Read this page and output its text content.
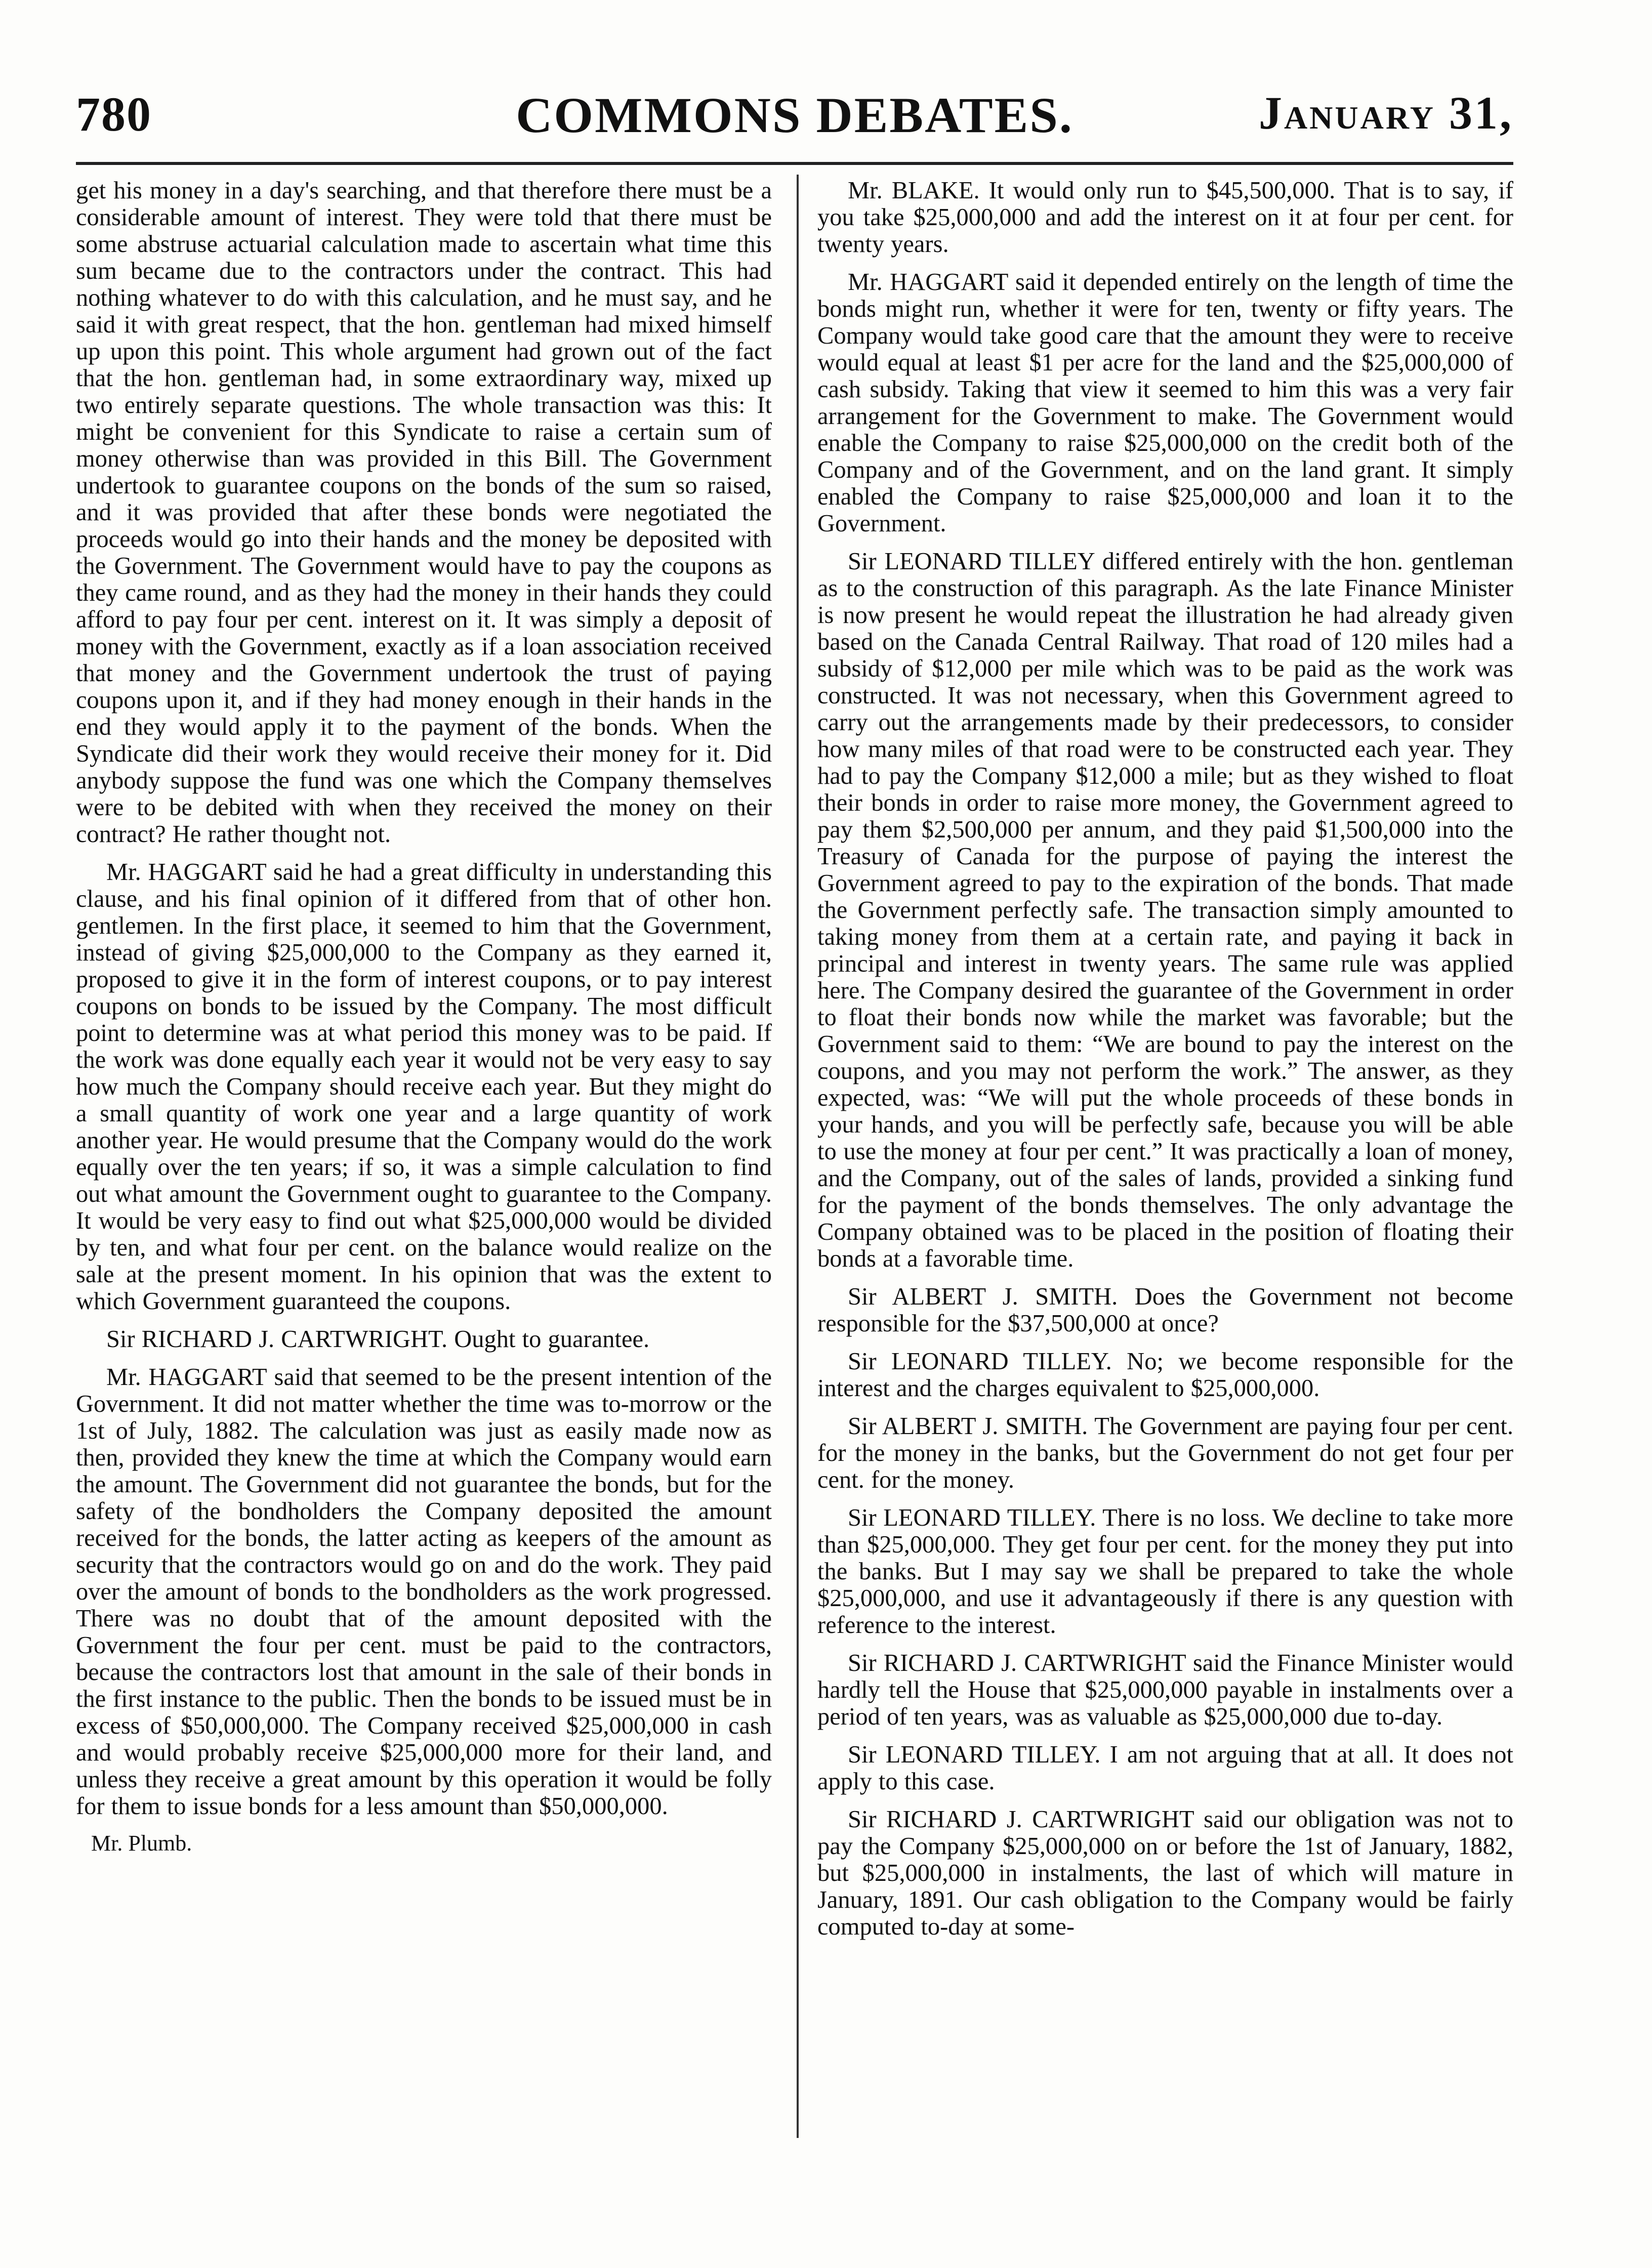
780	COMMONS DEBATES.	January 31,

get his money in a day's searching, and that therefore there must be a considerable amount of interest. They were told that there must be some abstruse actuarial calculation made to ascertain what time this sum became due to the contractors under the contract. This had nothing whatever to do with this calculation, and he must say, and he said it with great respect, that the hon. gentleman had mixed himself up upon this point. This whole argument had grown out of the fact that the hon. gentleman had, in some extraordinary way, mixed up two entirely separate questions. The whole transaction was this: It might be convenient for this Syndicate to raise a certain sum of money otherwise than was provided in this Bill. The Government undertook to guarantee coupons on the bonds of the sum so raised, and it was provided that after these bonds were negotiated the proceeds would go into their hands and the money be deposited with the Government. The Government would have to pay the coupons as they came round, and as they had the money in their hands they could afford to pay four per cent. interest on it. It was simply a deposit of money with the Government, exactly as if a loan association received that money and the Government undertook the trust of paying coupons upon it, and if they had money enough in their hands in the end they would apply it to the payment of the bonds. When the Syndicate did their work they would receive their money for it. Did anybody suppose the fund was one which the Company themselves were to be debited with when they received the money on their contract? He rather thought not.

Mr. HAGGART said he had a great difficulty in understanding this clause, and his final opinion of it differed from that of other hon. gentlemen. In the first place, it seemed to him that the Government, instead of giving $25,000,000 to the Company as they earned it, proposed to give it in the form of interest coupons, or to pay interest coupons on bonds to be issued by the Company. The most difficult point to determine was at what period this money was to be paid. If the work was done equally each year it would not be very easy to say how much the Company should receive each year. But they might do a small quantity of work one year and a large quantity of work another year. He would presume that the Company would do the work equally over the ten years; if so, it was a simple calculation to find out what amount the Government ought to guarantee to the Company. It would be very easy to find out what $25,000,000 would be divided by ten, and what four per cent. on the balance would realize on the sale at the present moment. In his opinion that was the extent to which Government guaranteed the coupons.

Sir RICHARD J. CARTWRIGHT. Ought to guarantee.

Mr. HAGGART said that seemed to be the present intention of the Government. It did not matter whether the time was to-morrow or the 1st of July, 1882. The calculation was just as easily made now as then, provided they knew the time at which the Company would earn the amount. The Government did not guarantee the bonds, but for the safety of the bondholders the Company deposited the amount received for the bonds, the latter acting as keepers of the amount as security that the contractors would go on and do the work. They paid over the amount of bonds to the bondholders as the work progressed. There was no doubt that of the amount deposited with the Government the four per cent. must be paid to the contractors, because the contractors lost that amount in the sale of their bonds in the first instance to the public. Then the bonds to be issued must be in excess of $50,000,000. The Company received $25,000,000 in cash and would probably receive $25,000,000 more for their land, and unless they receive a great amount by this operation it would be folly for them to issue bonds for a less amount than $50,000,000.

Mr. Plumb.

Mr. BLAKE. It would only run to $45,500,000. That is to say, if you take $25,000,000 and add the interest on it at four per cent. for twenty years.

Mr. HAGGART said it depended entirely on the length of time the bonds might run, whether it were for ten, twenty or fifty years. The Company would take good care that the amount they were to receive would equal at least $1 per acre for the land and the $25,000,000 of cash subsidy. Taking that view it seemed to him this was a very fair arrangement for the Government to make. The Government would enable the Company to raise $25,000,000 on the credit both of the Company and of the Government, and on the land grant. It simply enabled the Company to raise $25,000,000 and loan it to the Government.

Sir LEONARD TILLEY differed entirely with the hon. gentleman as to the construction of this paragraph. As the late Finance Minister is now present he would repeat the illustration he had already given based on the Canada Central Railway. That road of 120 miles had a subsidy of $12,000 per mile which was to be paid as the work was constructed. It was not necessary, when this Government agreed to carry out the arrangements made by their predecessors, to consider how many miles of that road were to be constructed each year. They had to pay the Company $12,000 a mile; but as they wished to float their bonds in order to raise more money, the Government agreed to pay them $2,500,000 per annum, and they paid $1,500,000 into the Treasury of Canada for the purpose of paying the interest the Government agreed to pay to the expiration of the bonds. That made the Government perfectly safe. The transaction simply amounted to taking money from them at a certain rate, and paying it back in principal and interest in twenty years. The same rule was applied here. The Company desired the guarantee of the Government in order to float their bonds now while the market was favorable; but the Government said to them: “We are bound to pay the interest on the coupons, and you may not perform the work.” The answer, as they expected, was: “We will put the whole proceeds of these bonds in your hands, and you will be perfectly safe, because you will be able to use the money at four per cent.” It was practically a loan of money, and the Company, out of the sales of lands, provided a sinking fund for the payment of the bonds themselves. The only advantage the Company obtained was to be placed in the position of floating their bonds at a favorable time.

Sir ALBERT J. SMITH. Does the Government not become responsible for the $37,500,000 at once?

Sir LEONARD TILLEY. No; we become responsible for the interest and the charges equivalent to $25,000,000.

Sir ALBERT J. SMITH. The Government are paying four per cent. for the money in the banks, but the Government do not get four per cent. for the money.

Sir LEONARD TILLEY. There is no loss. We decline to take more than $25,000,000. They get four per cent. for the money they put into the banks. But I may say we shall be prepared to take the whole $25,000,000, and use it advantageously if there is any question with reference to the interest.

Sir RICHARD J. CARTWRIGHT said the Finance Minister would hardly tell the House that $25,000,000 payable in instalments over a period of ten years, was as valuable as $25,000,000 due to-day.

Sir LEONARD TILLEY. I am not arguing that at all. It does not apply to this case.

Sir RICHARD J. CARTWRIGHT said our obligation was not to pay the Company $25,000,000 on or before the 1st of January, 1882, but $25,000,000 in instalments, the last of which will mature in January, 1891. Our cash obligation to the Company would be fairly computed to-day at some-
